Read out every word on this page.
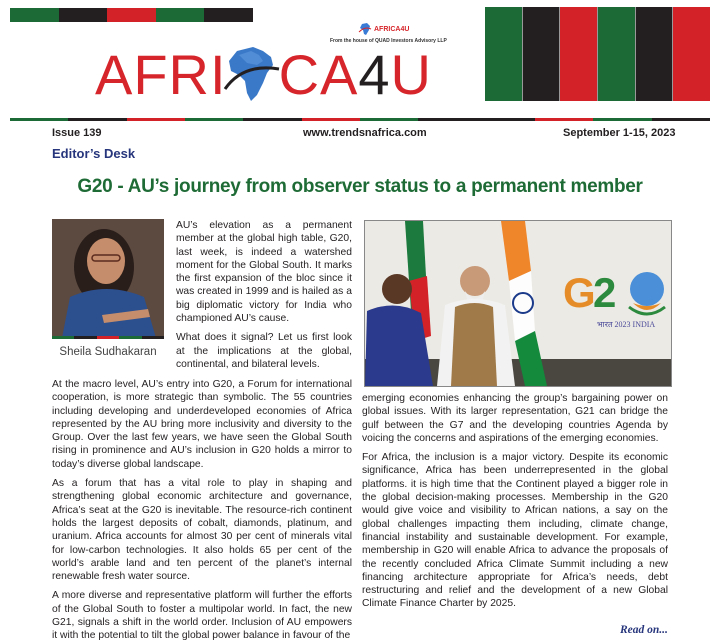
AFRICA4U
From the house of QUAD Investors Advisory LLP
AFRI CA 4 U
Issue 139	www.trendsnafrica.com	September 1-15, 2023
Editor’s Desk
G20 - AU’s journey from observer status to a permanent member
Sheila Sudhakaran

AU’s elevation as a permanent member at the global high table, G20, last week, is indeed a watershed moment for the Global South. It marks the first expansion of the bloc since it was created in 1999 and is hailed as a big diplomatic victory for India who championed AU’s cause.

What does it signal? Let us first look at the implications at the global, continental, and bilateral levels.

At the macro level, AU’s entry into G20, a Forum for international cooperation, is more strategic than symbolic. The 55 countries including developing and underdeveloped economies of Africa represented by the AU bring more inclusivity and diversity to the Group. Over the last few years, we have seen the Global South rising in prominence and AU’s inclusion in G20 holds a mirror to today’s diverse global landscape.

As a forum that has a vital role to play in shaping and strengthening global economic architecture and governance, Africa’s seat at the G20 is inevitable. The resource-rich continent holds the largest deposits of cobalt, diamonds, platinum, and uranium. Africa accounts for almost 30 per cent of minerals vital for low-carbon technologies. It also holds 65 per cent of the world’s arable land and ten percent of the planet’s internal renewable fresh water source.

A more diverse and representative platform will further the efforts of the Global South to foster a multipolar world. In fact, the new G21, signals a shift in the world order. Inclusion of AU empowers it with the potential to tilt the global power balance in favour of the

G
2
भारत 2023 INDIA

emerging economies enhancing the group’s bargaining power on global issues. With its larger representation, G21 can bridge the gulf between the G7 and the developing countries Agenda by voicing the concerns and aspirations of the emerging economies.

For Africa, the inclusion is a major victory. Despite its economic significance, Africa has been underrepresented in the global platforms. it is high time that the Continent played a bigger role in the global decision-making processes. Membership in the G20 would give voice and visibility to African nations, a say on the global challenges impacting them including, climate change, financial instability and sustainable development. For example, membership in G20 will enable Africa to advance the proposals of the recently concluded Africa Climate Summit including a new financing architecture appropriate for Africa’s needs, debt restructuring and relief and the development of a new Global Climate Finance Charter by 2025.

Read on...
